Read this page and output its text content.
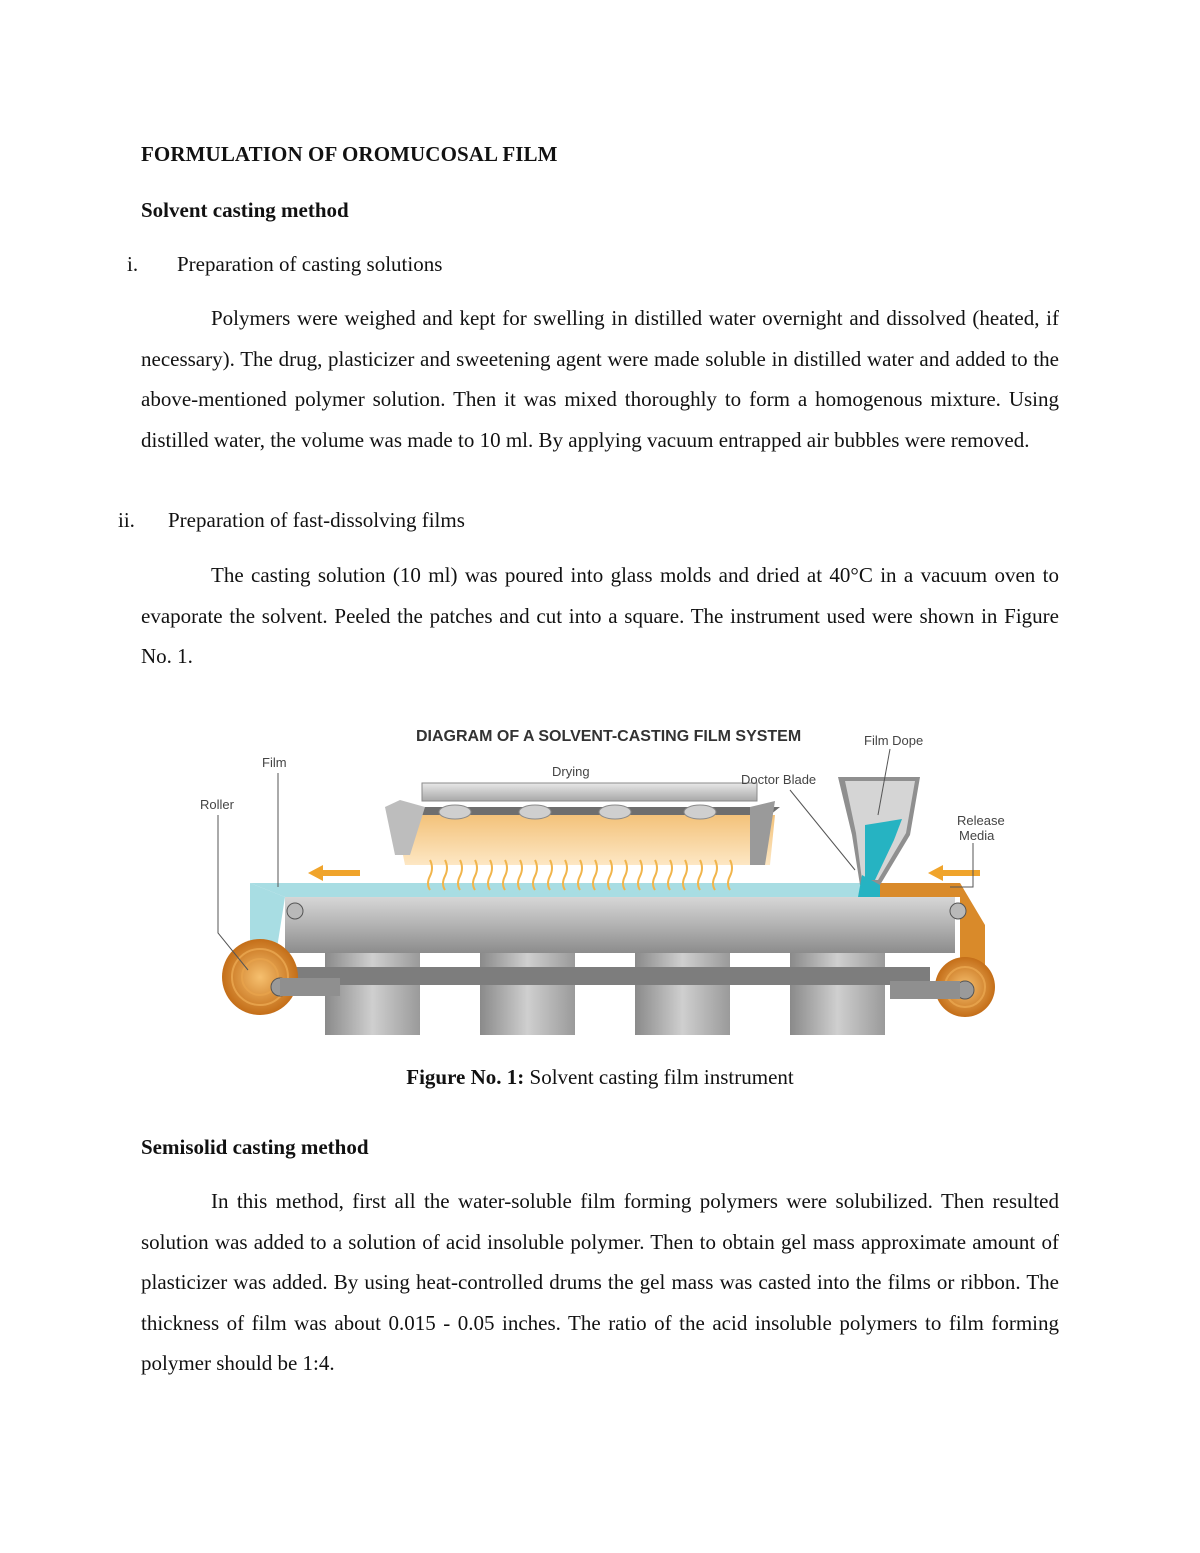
FORMULATION OF OROMUCOSAL FILM
Solvent casting method
i. Preparation of casting solutions

Polymers were weighed and kept for swelling in distilled water overnight and dissolved (heated, if necessary). The drug, plasticizer and sweetening agent were made soluble in distilled water and added to the above-mentioned polymer solution. Then it was mixed thoroughly to form a homogenous mixture. Using distilled water, the volume was made to 10 ml. By applying vacuum entrapped air bubbles were removed.

ii. Preparation of fast-dissolving films

The casting solution (10 ml) was poured into glass molds and dried at 40°C in a vacuum oven to evaporate the solvent. Peeled the patches and cut into a square. The instrument used were shown in Figure No. 1.

DIAGRAM OF A SOLVENT-CASTING FILM SYSTEM
Film
Roller
Drying
Doctor Blade
Film Dope
Release
Media
Figure No. 1: Solvent casting film instrument
Semisolid casting method

In this method, first all the water-soluble film forming polymers were solubilized. Then resulted solution was added to a solution of acid insoluble polymer. Then to obtain gel mass approximate amount of plasticizer was added. By using heat-controlled drums the gel mass was casted into the films or ribbon. The thickness of film was about 0.015 - 0.05 inches. The ratio of the acid insoluble polymers to film forming polymer should be 1:4.
